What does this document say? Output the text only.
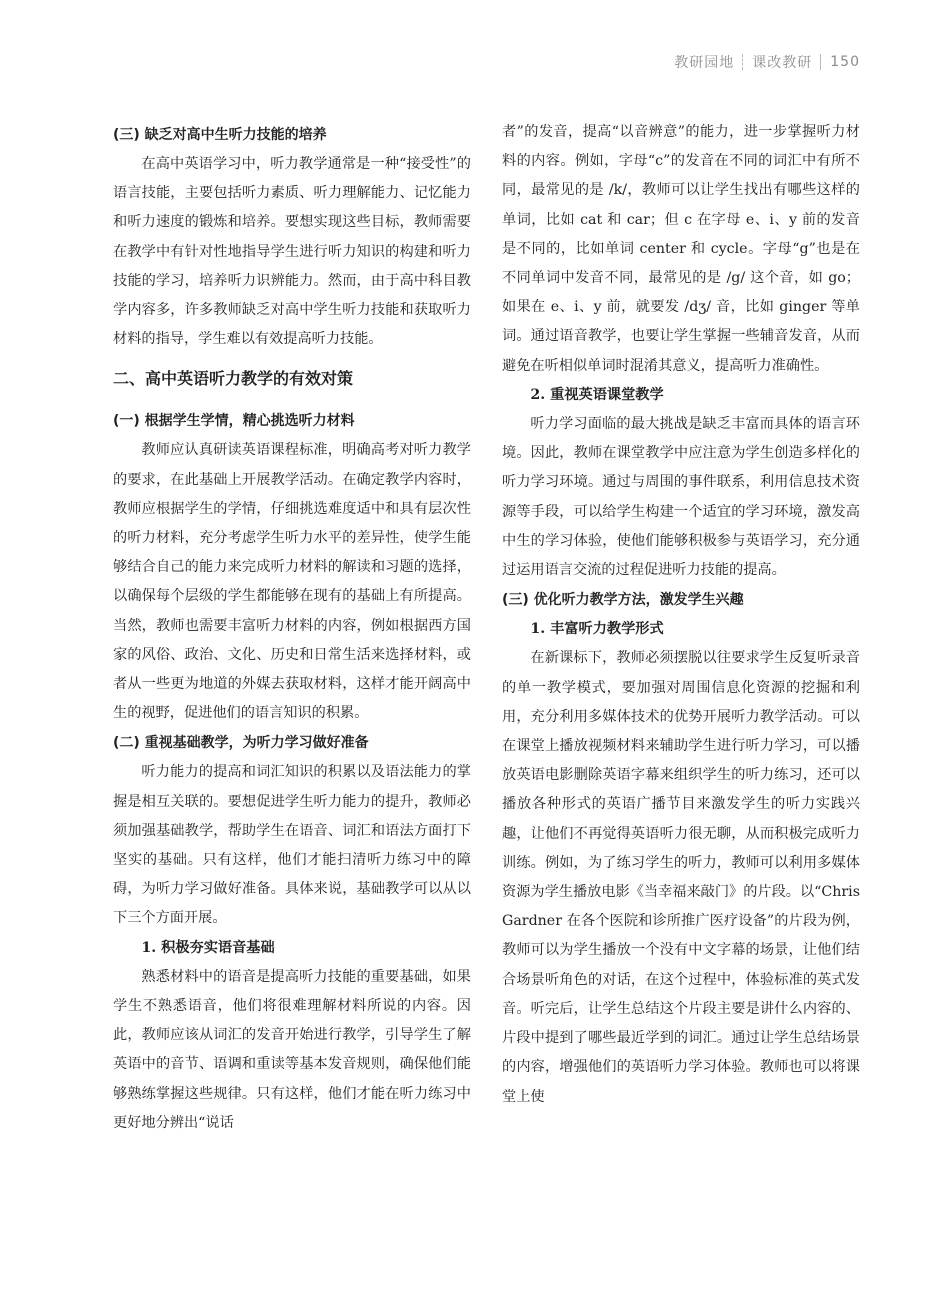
教研园地 课改教研 150
(三) 缺乏对高中生听力技能的培养

在高中英语学习中，听力教学通常是一种“接受性”的语言技能，主要包括听力素质、听力理解能力、记忆能力和听力速度的锻炼和培养。要想实现这些目标，教师需要在教学中有针对性地指导学生进行听力知识的构建和听力技能的学习，培养听力识辨能力。然而，由于高中科目教学内容多，许多教师缺乏对高中学生听力技能和获取听力材料的指导，学生难以有效提高听力技能。

二、高中英语听力教学的有效对策
(一) 根据学生学情，精心挑选听力材料

教师应认真研读英语课程标准，明确高考对听力教学的要求，在此基础上开展教学活动。在确定教学内容时，教师应根据学生的学情，仔细挑选难度适中和具有层次性的听力材料，充分考虑学生听力水平的差异性，使学生能够结合自己的能力来完成听力材料的解读和习题的选择，以确保每个层级的学生都能够在现有的基础上有所提高。当然，教师也需要丰富听力材料的内容，例如根据西方国家的风俗、政治、文化、历史和日常生活来选择材料，或者从一些更为地道的外媒去获取材料，这样才能开阔高中生的视野，促进他们的语言知识的积累。

(二) 重视基础教学，为听力学习做好准备

听力能力的提高和词汇知识的积累以及语法能力的掌握是相互关联的。要想促进学生听力能力的提升，教师必须加强基础教学，帮助学生在语音、词汇和语法方面打下坚实的基础。只有这样，他们才能扫清听力练习中的障碍，为听力学习做好准备。具体来说，基础教学可以从以下三个方面开展。

1. 积极夯实语音基础

熟悉材料中的语音是提高听力技能的重要基础，如果学生不熟悉语音，他们将很难理解材料所说的内容。因此，教师应该从词汇的发音开始进行教学，引导学生了解英语中的音节、语调和重读等基本发音规则，确保他们能够熟练掌握这些规律。只有这样，他们才能在听力练习中更好地分辨出“说话

者”的发音，提高“以音辨意”的能力，进一步掌握听力材料的内容。例如，字母“c”的发音在不同的词汇中有所不同，最常见的是 /k/，教师可以让学生找出有哪些这样的单词，比如 cat 和 car；但 c 在字母 e、i、y 前的发音是不同的，比如单词 center 和 cycle。字母“g”也是在不同单词中发音不同，最常见的是 /g/ 这个音，如 go；如果在 e、i、y 前，就要发 /dʒ/ 音，比如 ginger 等单词。通过语音教学，也要让学生掌握一些辅音发音，从而避免在听相似单词时混淆其意义，提高听力准确性。

2. 重视英语课堂教学

听力学习面临的最大挑战是缺乏丰富而具体的语言环境。因此，教师在课堂教学中应注意为学生创造多样化的听力学习环境。通过与周围的事件联系，利用信息技术资源等手段，可以给学生构建一个适宜的学习环境，激发高中生的学习体验，使他们能够积极参与英语学习，充分通过运用语言交流的过程促进听力技能的提高。

(三) 优化听力教学方法，激发学生兴趣
1. 丰富听力教学形式

在新课标下，教师必须摆脱以往要求学生反复听录音的单一教学模式，要加强对周围信息化资源的挖掘和利用，充分利用多媒体技术的优势开展听力教学活动。可以在课堂上播放视频材料来辅助学生进行听力学习，可以播放英语电影删除英语字幕来组织学生的听力练习，还可以播放各种形式的英语广播节目来激发学生的听力实践兴趣，让他们不再觉得英语听力很无聊，从而积极完成听力训练。例如，为了练习学生的听力，教师可以利用多媒体资源为学生播放电影《当幸福来敲门》的片段。以“Chris Gardner 在各个医院和诊所推广医疗设备”的片段为例，教师可以为学生播放一个没有中文字幕的场景，让他们结合场景听角色的对话，在这个过程中，体验标准的英式发音。听完后，让学生总结这个片段主要是讲什么内容的、片段中提到了哪些最近学到的词汇。通过让学生总结场景的内容，增强他们的英语听力学习体验。教师也可以将课堂上使
